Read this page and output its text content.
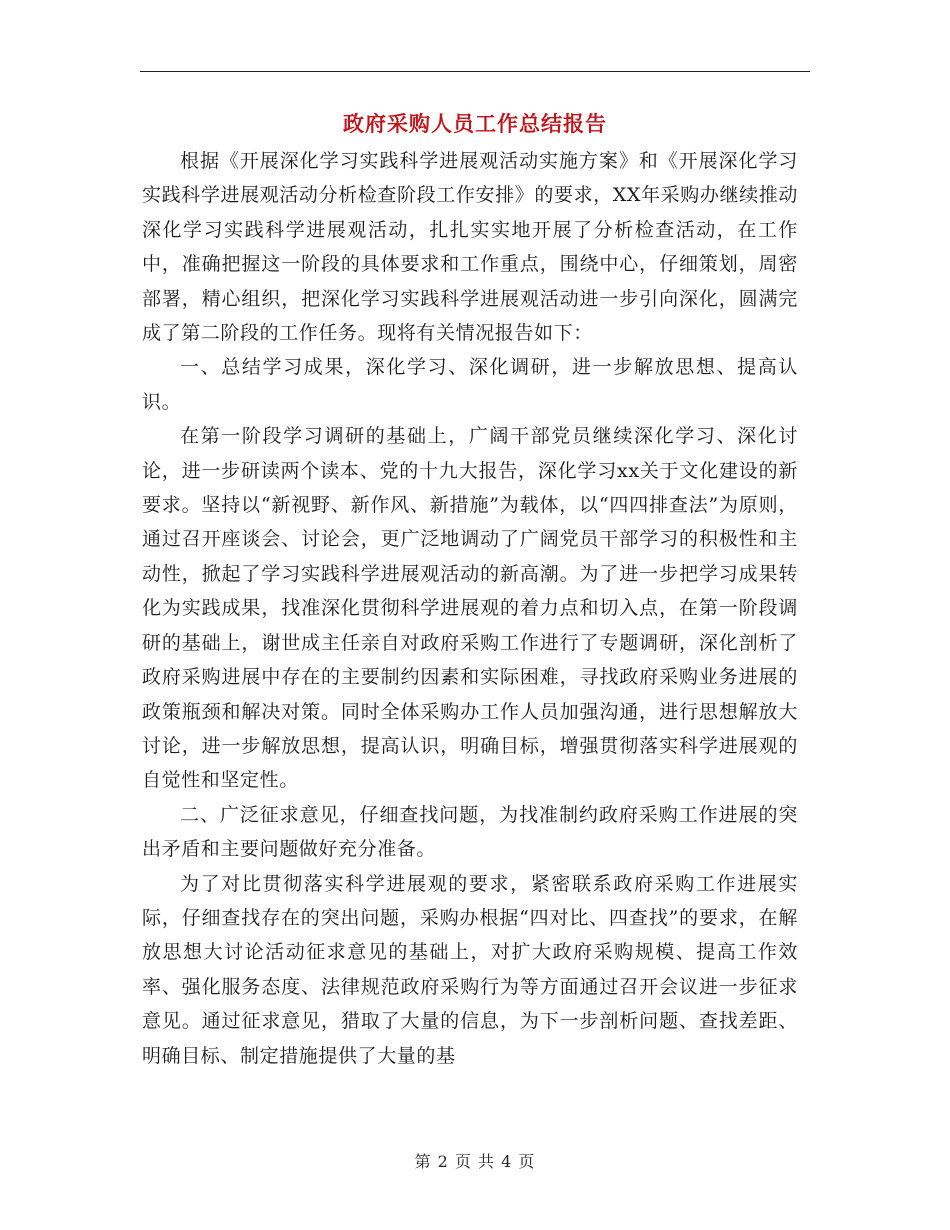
政府采购人员工作总结报告

根据《开展深化学习实践科学进展观活动实施方案》和《开展深化学习实践科学进展观活动分析检查阶段工作安排》的要求，XX年采购办继续推动深化学习实践科学进展观活动，扎扎实实地开展了分析检查活动，在工作中，准确把握这一阶段的具体要求和工作重点，围绕中心，仔细策划，周密部署，精心组织，把深化学习实践科学进展观活动进一步引向深化，圆满完成了第二阶段的工作任务。现将有关情况报告如下：

一、总结学习成果，深化学习、深化调研，进一步解放思想、提高认识。

在第一阶段学习调研的基础上，广阔干部党员继续深化学习、深化讨论，进一步研读两个读本、党的十九大报告，深化学习xx关于文化建设的新要求。坚持以“新视野、新作风、新措施”为载体，以“四四排查法”为原则，通过召开座谈会、讨论会，更广泛地调动了广阔党员干部学习的积极性和主动性，掀起了学习实践科学进展观活动的新高潮。为了进一步把学习成果转化为实践成果，找准深化贯彻科学进展观的着力点和切入点，在第一阶段调研的基础上，谢世成主任亲自对政府采购工作进行了专题调研，深化剖析了政府采购进展中存在的主要制约因素和实际困难，寻找政府采购业务进展的政策瓶颈和解决对策。同时全体采购办工作人员加强沟通，进行思想解放大讨论，进一步解放思想，提高认识，明确目标，增强贯彻落实科学进展观的自觉性和坚定性。

二、广泛征求意见，仔细查找问题，为找准制约政府采购工作进展的突出矛盾和主要问题做好充分准备。

为了对比贯彻落实科学进展观的要求，紧密联系政府采购工作进展实际，仔细查找存在的突出问题，采购办根据“四对比、四查找”的要求，在解放思想大讨论活动征求意见的基础上，对扩大政府采购规模、提高工作效率、强化服务态度、法律规范政府采购行为等方面通过召开会议进一步征求意见。通过征求意见，猎取了大量的信息，为下一步剖析问题、查找差距、明确目标、制定措施提供了大量的基

第 2 页 共 4 页
